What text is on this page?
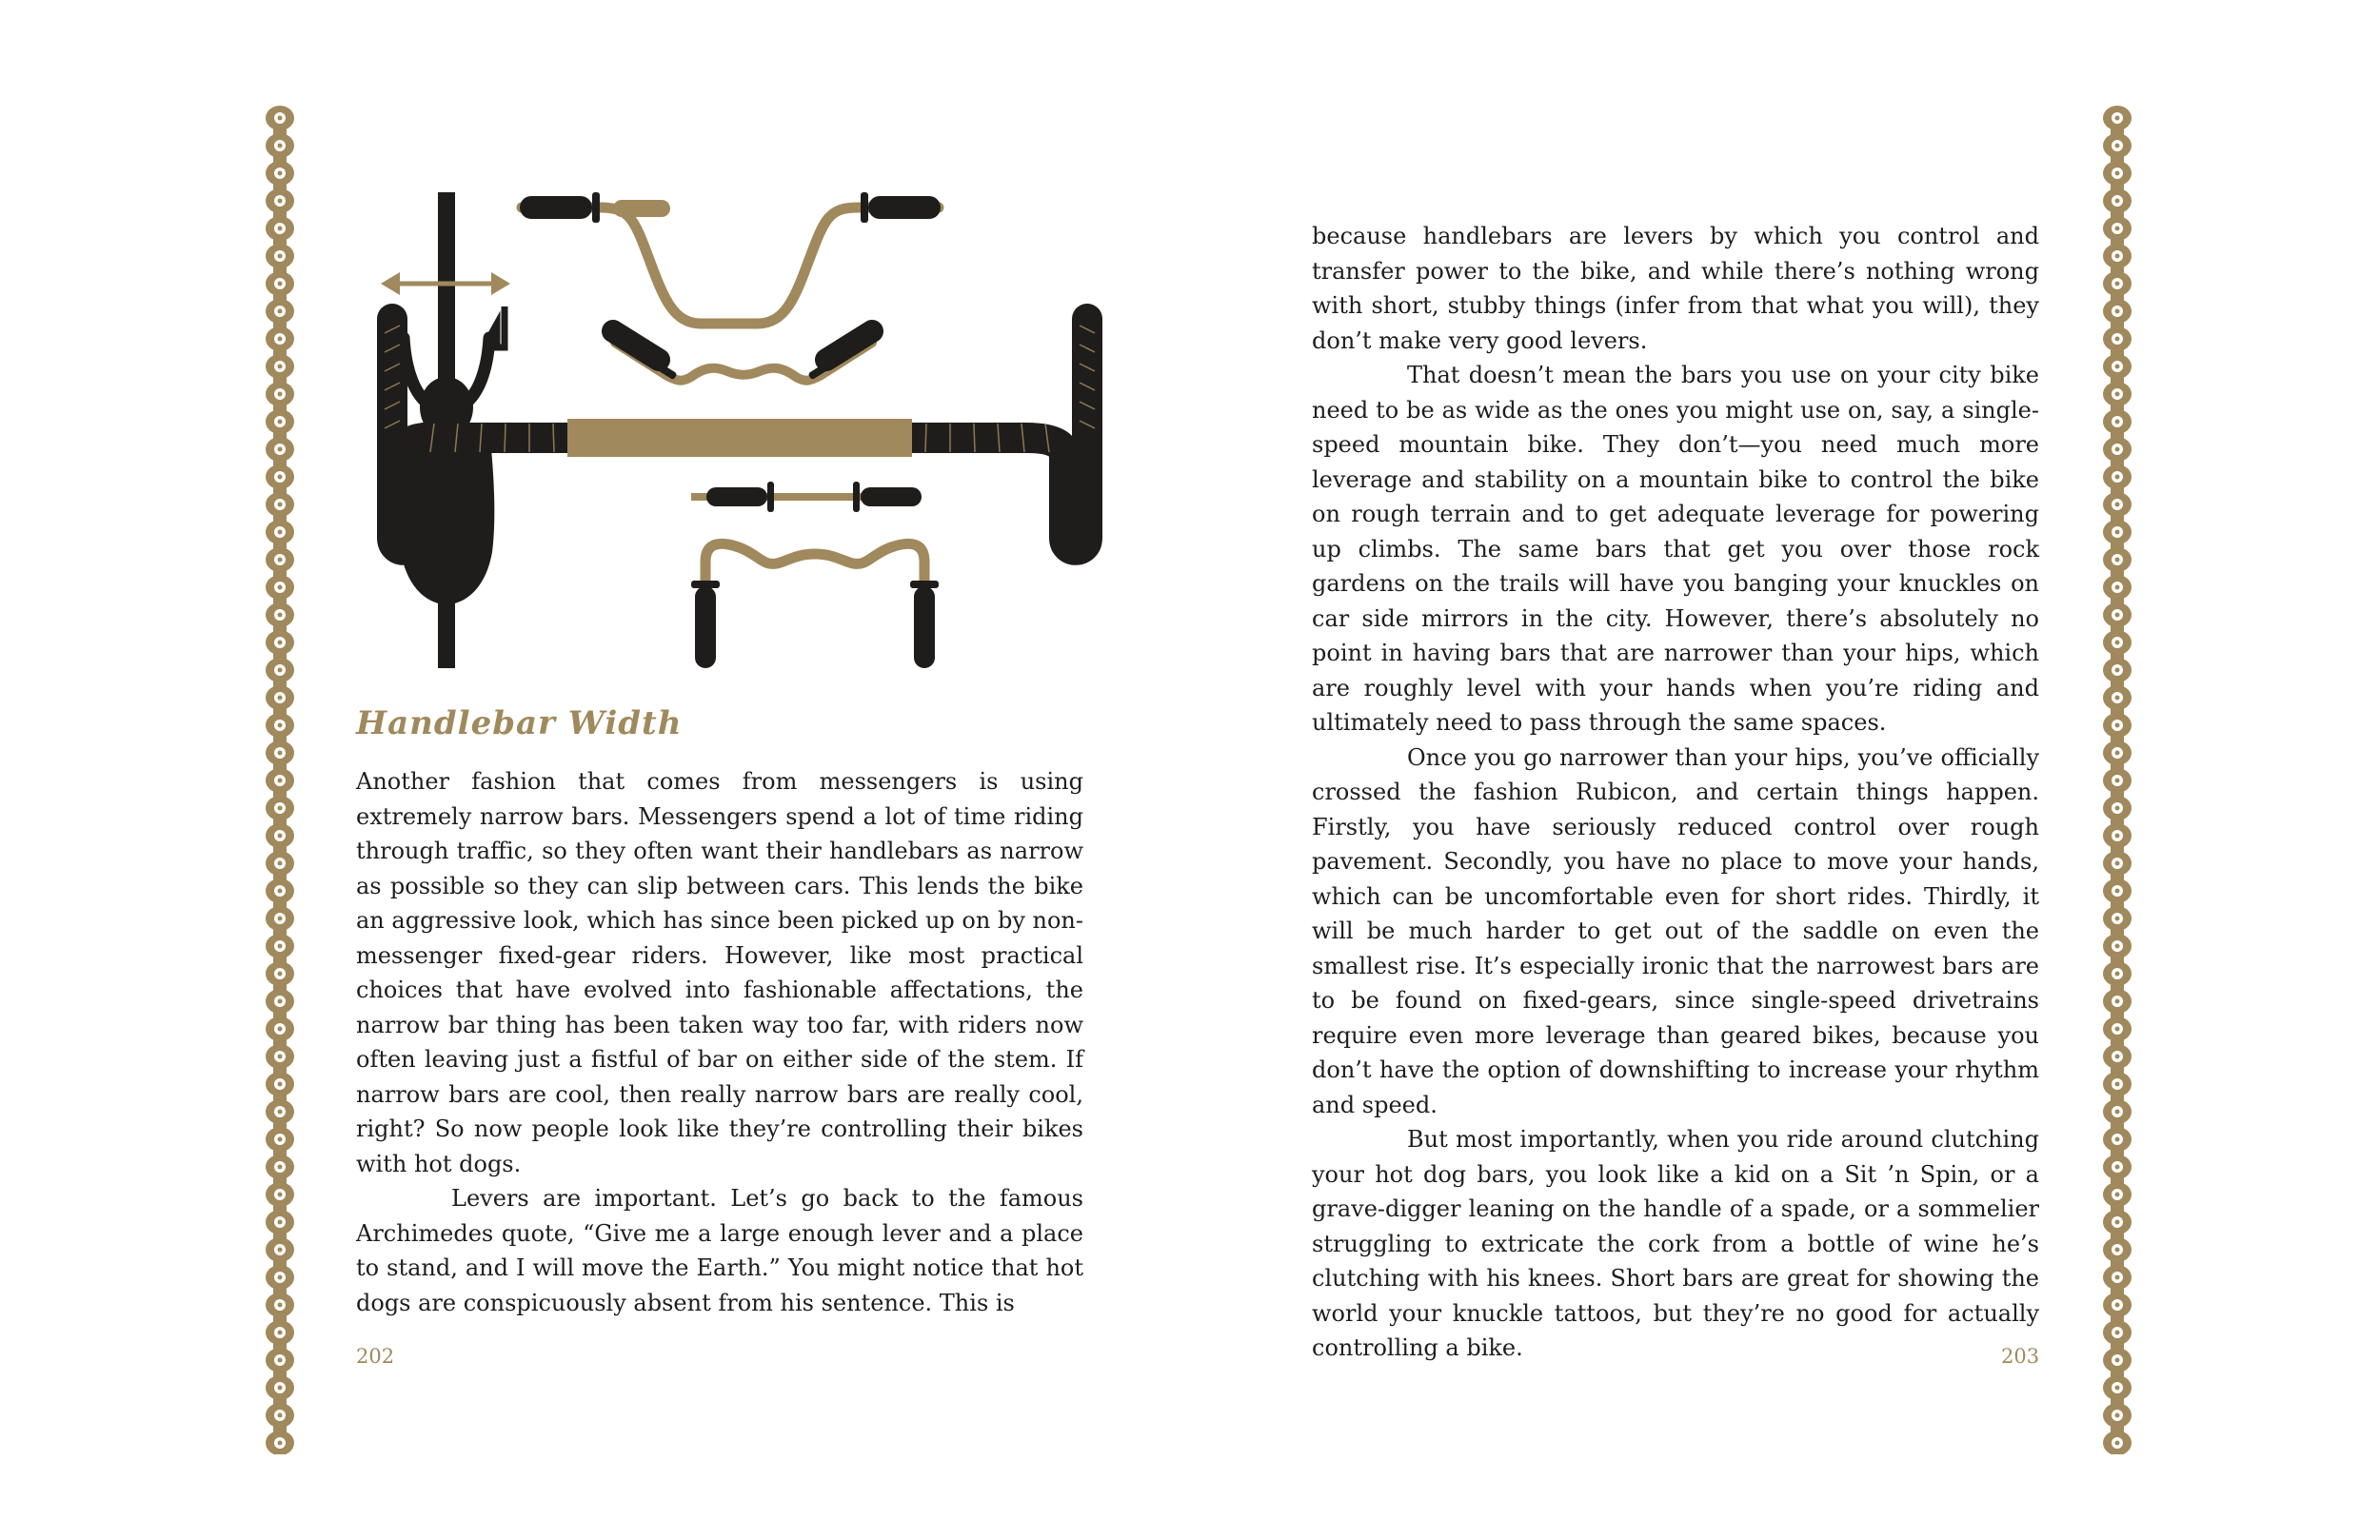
Handlebar Width

Another fashion that comes from messengers is using extremely narrow bars. Messengers spend a lot of time riding through traffic, so they often want their handlebars as narrow as possible so they can slip between cars. This lends the bike an aggressive look, which has since been picked up on by non-messenger fixed-gear riders. However, like most practical choices that have evolved into fashionable affectations, the narrow bar thing has been taken way too far, with riders now often leaving just a fistful of bar on either side of the stem. If narrow bars are cool, then really narrow bars are really cool, right? So now people look like they’re controlling their bikes with hot dogs.

Levers are important. Let’s go back to the famous Archimedes quote, “Give me a large enough lever and a place to stand, and I will move the Earth.” You might notice that hot dogs are conspicuously absent from his sentence. This is

202

because handlebars are levers by which you control and transfer power to the bike, and while there’s nothing wrong with short, stubby things (infer from that what you will), they don’t make very good levers.

That doesn’t mean the bars you use on your city bike need to be as wide as the ones you might use on, say, a single-speed mountain bike. They don’t—you need much more leverage and stability on a mountain bike to control the bike on rough terrain and to get adequate leverage for powering up climbs. The same bars that get you over those rock gardens on the trails will have you banging your knuckles on car side mirrors in the city. However, there’s absolutely no point in having bars that are narrower than your hips, which are roughly level with your hands when you’re riding and ultimately need to pass through the same spaces.

Once you go narrower than your hips, you’ve officially crossed the fashion Rubicon, and certain things happen. Firstly, you have seriously reduced control over rough pavement. Secondly, you have no place to move your hands, which can be uncomfortable even for short rides. Thirdly, it will be much harder to get out of the saddle on even the smallest rise. It’s especially ironic that the narrowest bars are to be found on fixed-gears, since single-speed drivetrains require even more leverage than geared bikes, because you don’t have the option of downshifting to increase your rhythm and speed.

But most importantly, when you ride around clutching your hot dog bars, you look like a kid on a Sit ’n Spin, or a grave-digger leaning on the handle of a spade, or a sommelier struggling to extricate the cork from a bottle of wine he’s clutching with his knees. Short bars are great for showing the world your knuckle tattoos, but they’re no good for actually controlling a bike.	203
